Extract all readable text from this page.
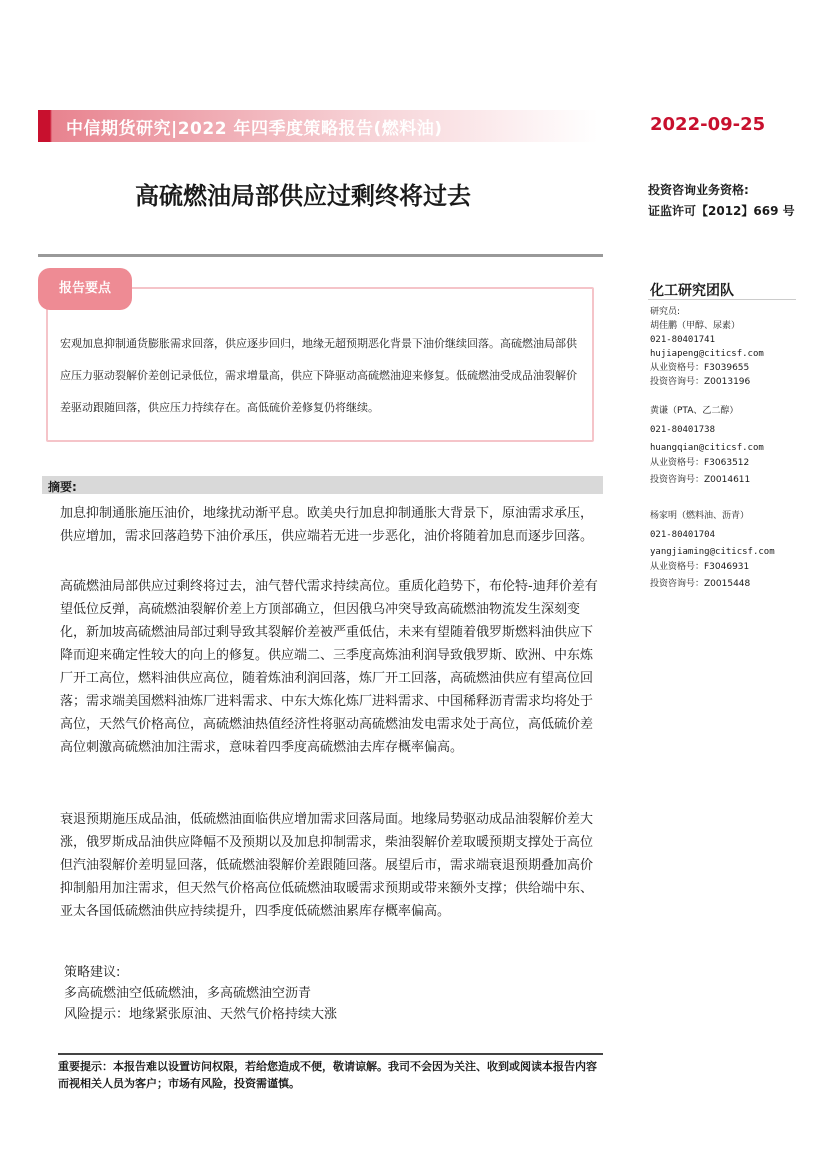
中信期货研究|2022 年四季度策略报告(燃料油)	2022-09-25
高硫燃油局部供应过剩终将过去	投资咨询业务资格:
证监许可【2012】669 号
报告要点
宏观加息抑制通货膨胀需求回落，供应逐步回归，地缘无超预期恶化背景下油价继续回落。高硫燃油局部供应压力驱动裂解价差创记录低位，需求增量高，供应下降驱动高硫燃油迎来修复。低硫燃油受成品油裂解价差驱动跟随回落，供应压力持续存在。高低硫价差修复仍将继续。
摘要:
加息抑制通胀施压油价，地缘扰动渐平息。欧美央行加息抑制通胀大背景下，原油需求承压，供应增加，需求回落趋势下油价承压，供应端若无进一步恶化，油价将随着加息而逐步回落。
高硫燃油局部供应过剩终将过去，油气替代需求持续高位。重质化趋势下，布伦特-迪拜价差有望低位反弹，高硫燃油裂解价差上方顶部确立，但因俄乌冲突导致高硫燃油物流发生深刻变化，新加坡高硫燃油局部过剩导致其裂解价差被严重低估，未来有望随着俄罗斯燃料油供应下降而迎来确定性较大的向上的修复。供应端二、三季度高炼油利润导致俄罗斯、欧洲、中东炼厂开工高位，燃料油供应高位，随着炼油利润回落，炼厂开工回落，高硫燃油供应有望高位回落；需求端美国燃料油炼厂进料需求、中东大炼化炼厂进料需求、中国稀释沥青需求均将处于高位，天然气价格高位，高硫燃油热值经济性将驱动高硫燃油发电需求处于高位，高低硫价差高位刺激高硫燃油加注需求，意味着四季度高硫燃油去库存概率偏高。
衰退预期施压成品油，低硫燃油面临供应增加需求回落局面。地缘局势驱动成品油裂解价差大涨，俄罗斯成品油供应降幅不及预期以及加息抑制需求，柴油裂解价差取暖预期支撑处于高位但汽油裂解价差明显回落，低硫燃油裂解价差跟随回落。展望后市，需求端衰退预期叠加高价抑制船用加注需求，但天然气价格高位低硫燃油取暖需求预期或带来额外支撑；供给端中东、亚太各国低硫燃油供应持续提升，四季度低硫燃油累库存概率偏高。
策略建议:
多高硫燃油空低硫燃油，多高硫燃油空沥青
风险提示：地缘紧张原油、天然气价格持续大涨
重要提示：本报告难以设置访问权限，若给您造成不便，敬请谅解。我司不会因为关注、收到或阅读本报告内容而视相关人员为客户；市场有风险，投资需谨慎。
化工研究团队
研究员:
胡佳鹏（甲醇、尿素）
021-80401741
hujiapeng@citicsf.com
从业资格号：F3039655
投资咨询号：Z0013196
黄谦（PTA、乙二醇）
021-80401738
huangqian@citicsf.com
从业资格号：F3063512
投资咨询号：Z0014611
杨家明（燃料油、沥青）
021-80401704
yangjiaming@citicsf.com
从业资格号：F3046931
投资咨询号：Z0015448
